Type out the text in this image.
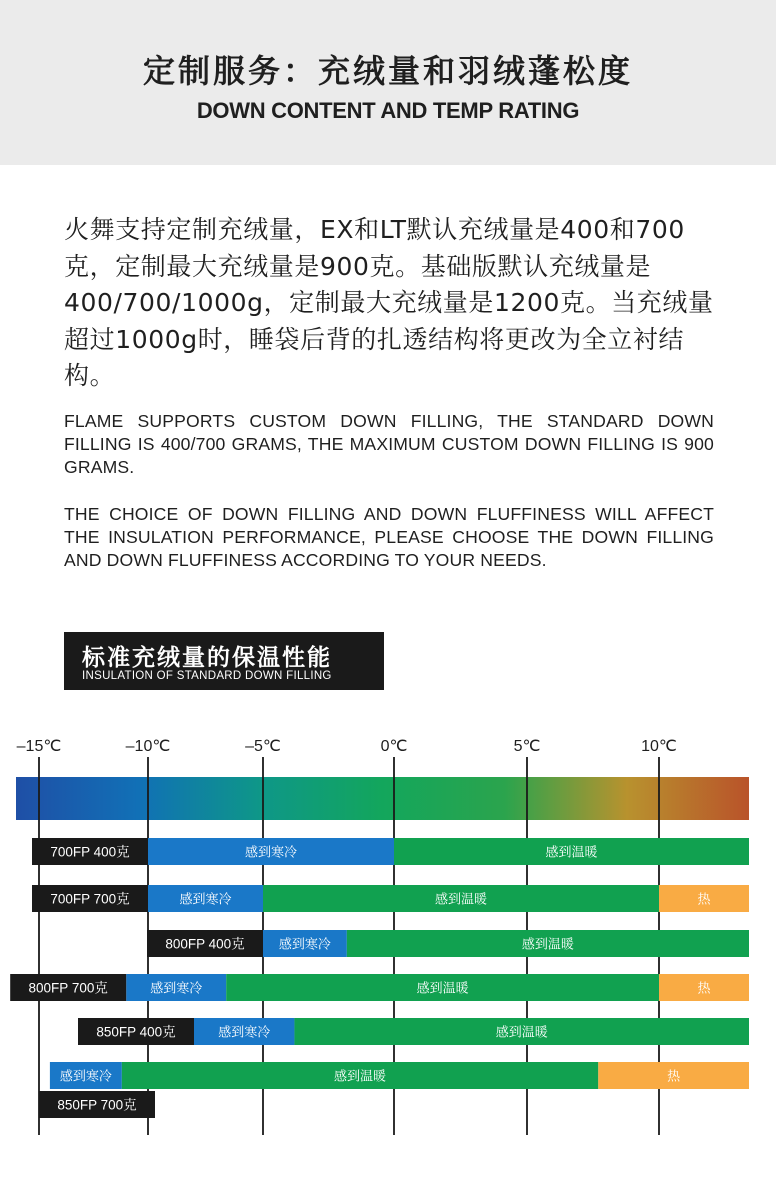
定制服务：充绒量和羽绒蓬松度
DOWN CONTENT AND TEMP RATING
火舞支持定制充绒量，EX和LT默认充绒量是400和700克，定制最大充绒量是900克。基础版默认充绒量是400/700/1000g，定制最大充绒量是1200克。当充绒量超过1000g时，睡袋后背的扎透结构将更改为全立衬结构。
FLAME SUPPORTS CUSTOM DOWN FILLING, THE STANDARD DOWN FILLING IS 400/700 GRAMS, THE MAXIMUM CUSTOM DOWN FILLING IS 900 GRAMS.
THE CHOICE OF DOWN FILLING AND DOWN FLUFFINESS WILL AFFECT THE INSULATION PERFORMANCE, PLEASE CHOOSE THE DOWN FILLING AND DOWN FLUFFINESS ACCORDING TO YOUR NEEDS.
标准充绒量的保温性能
INSULATION OF STANDARD DOWN FILLING
–15℃	–10℃	–5℃	0℃	5℃	10℃
感到寒冷	感到温暖
700FP 400克
感到寒冷	感到温暖	热
700FP 700克
感到寒冷	感到温暖
800FP 400克
感到寒冷	感到温暖	热
800FP 700克
感到寒冷	感到温暖
850FP 400克
感到寒冷	感到温暖	热
850FP 700克
